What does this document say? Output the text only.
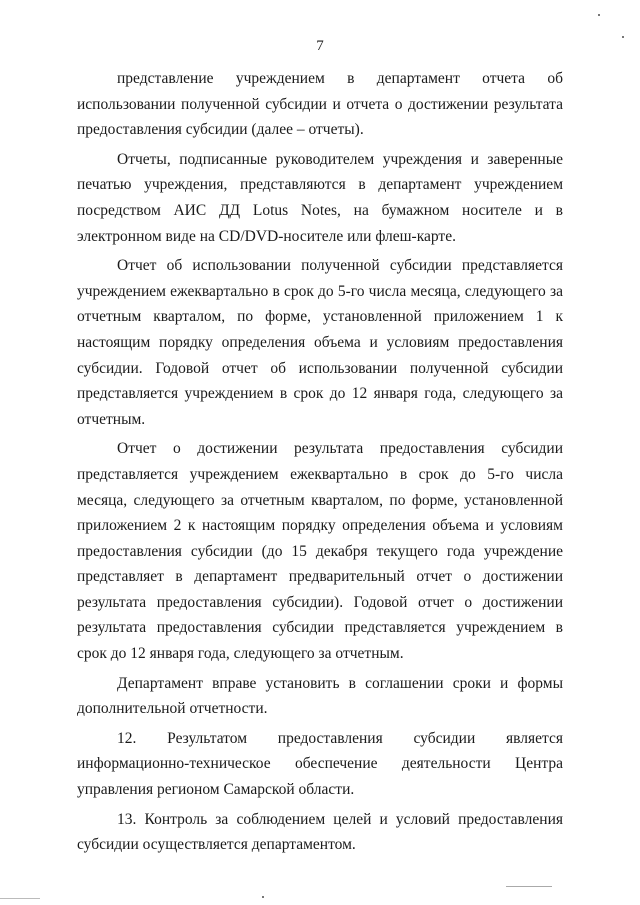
7

представление учреждением в департамент отчета об использовании полученной субсидии и отчета о достижении результата предоставления субсидии (далее – отчеты).

Отчеты, подписанные руководителем учреждения и заверенные печатью учреждения, представляются в департамент учреждением посредством АИС ДД Lotus Notes, на бумажном носителе и в электронном виде на CD/DVD-носителе или флеш-карте.

Отчет об использовании полученной субсидии представляется учреждением ежеквартально в срок до 5-го числа месяца, следующего за отчетным кварталом, по форме, установленной приложением 1 к настоящим порядку определения объема и условиям предоставления субсидии. Годовой отчет об использовании полученной субсидии представляется учреждением в срок до 12 января года, следующего за отчетным.

Отчет о достижении результата предоставления субсидии представляется учреждением ежеквартально в срок до 5-го числа месяца, следующего за отчетным кварталом, по форме, установленной приложением 2 к настоящим порядку определения объема и условиям предоставления субсидии (до 15 декабря текущего года учреждение представляет в департамент предварительный отчет о достижении результата предоставления субсидии). Годовой отчет о достижении результата предоставления субсидии представляется учреждением в срок до 12 января года, следующего за отчетным.

Департамент вправе установить в соглашении сроки и формы дополнительной отчетности.

12. Результатом предоставления субсидии является информационно-техническое обеспечение деятельности Центра управления регионом Самарской области.

13. Контроль за соблюдением целей и условий предоставления субсидии осуществляется департаментом.
